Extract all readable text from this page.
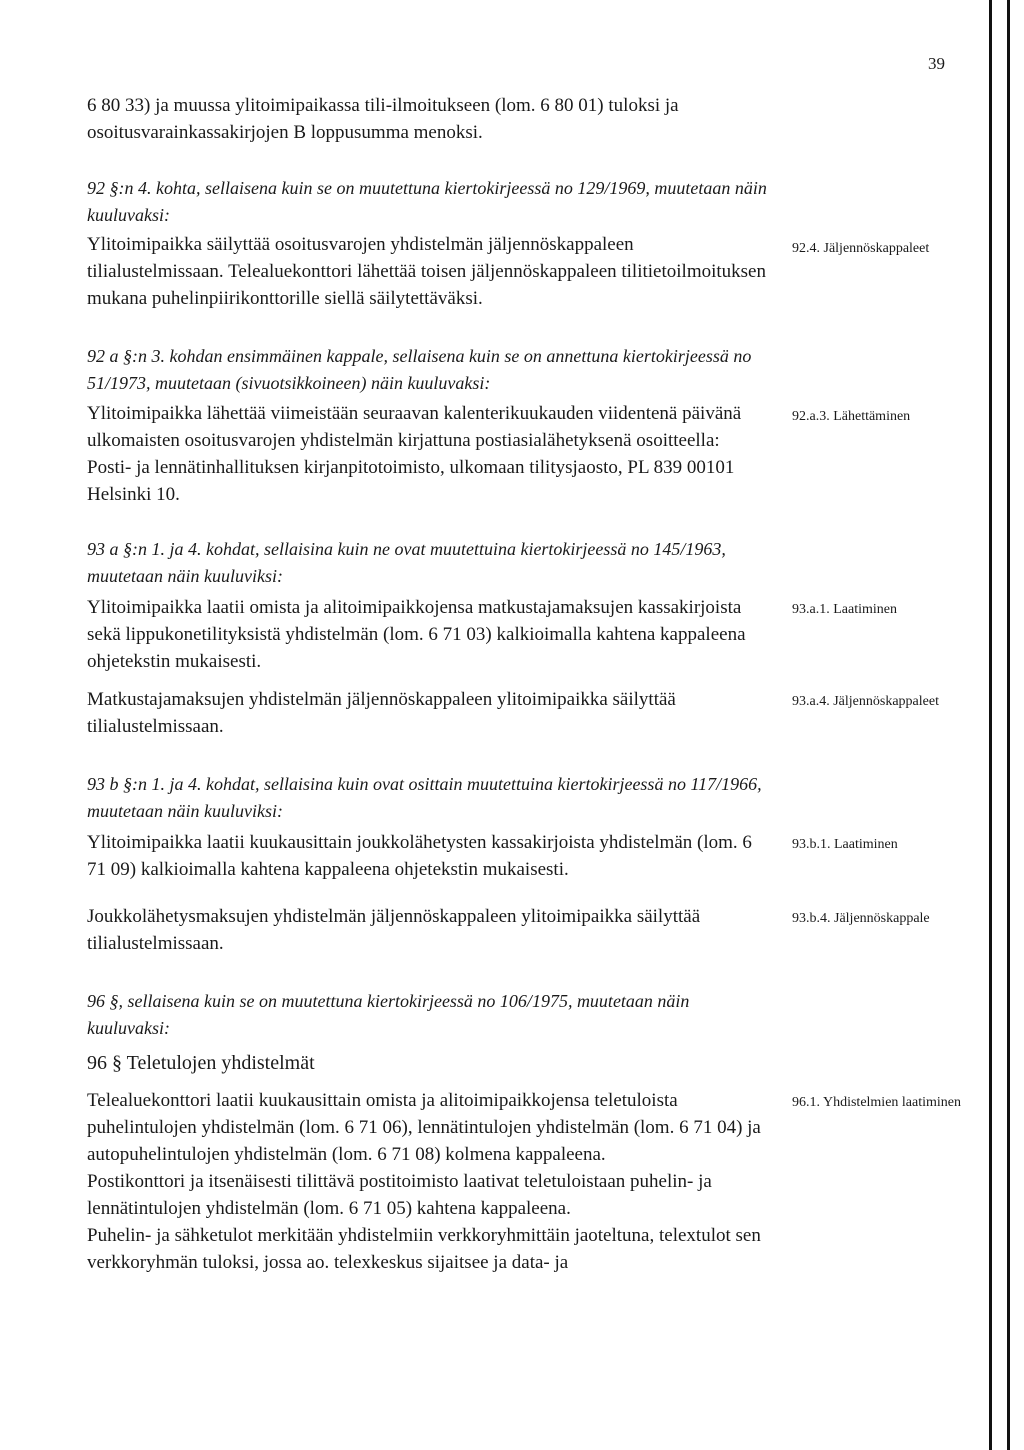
39

6 80 33) ja muussa ylitoimipaikassa tili-ilmoitukseen (lom. 6 80 01) tuloksi ja osoitusvarainkassakirjojen B loppusumma menoksi.

92 §:n 4. kohta, sellaisena kuin se on muutettuna kiertokirjeessä no 129/1969, muutetaan näin kuuluvaksi:
Ylitoimipaikka säilyttää osoitusvarojen yhdistelmän jäljennöskappaleen tilialustelmissaan. Telealuekonttori lähettää toisen jäljennöskappaleen tilitietoilmoituksen mukana puhelinpiirikonttorille siellä säilytettäväksi.
92.4. Jäljennöskappaleet
92 a §:n 3. kohdan ensimmäinen kappale, sellaisena kuin se on annettuna kiertokirjeessä no 51/1973, muutetaan (sivuotsikkoineen) näin kuuluvaksi:
Ylitoimipaikka lähettää viimeistään seuraavan kalenterikuukauden viidentenä päivänä ulkomaisten osoitusvarojen yhdistelmän kirjattuna postiasialähetyksenä osoitteella: Posti- ja lennätinhallituksen kirjanpitotoimisto, ulkomaan tilitysjaosto, PL 839 00101 Helsinki 10.
92.a.3. Lähettäminen
93 a §:n 1. ja 4. kohdat, sellaisina kuin ne ovat muutettuina kiertokirjeessä no 145/1963, muutetaan näin kuuluviksi:
Ylitoimipaikka laatii omista ja alitoimipaikkojensa matkustajamaksujen kassakirjoista sekä lippukonetilityksistä yhdistelmän (lom. 6 71 03) kalkioimalla kahtena kappaleena ohjetekstin mukaisesti.
93.a.1. Laatiminen
Matkustajamaksujen yhdistelmän jäljennöskappaleen ylitoimipaikka säilyttää tilialustelmissaan.
93.a.4. Jäljennöskappaleet
93 b §:n 1. ja 4. kohdat, sellaisina kuin ovat osittain muutettuina kiertokirjeessä no 117/1966, muutetaan näin kuuluviksi:
Ylitoimipaikka laatii kuukausittain joukkolähetysten kassakirjoista yhdistelmän (lom. 6 71 09) kalkioimalla kahtena kappaleena ohjetekstin mukaisesti.
93.b.1. Laatiminen
Joukkolähetysmaksujen yhdistelmän jäljennöskappaleen ylitoimipaikka säilyttää tilialustelmissaan.
93.b.4. Jäljennöskappale
96 §, sellaisena kuin se on muutettuna kiertokirjeessä no 106/1975, muutetaan näin kuuluvaksi:
96 § Teletulojen yhdistelmät

Telealuekonttori laatii kuukausittain omista ja alitoimipaikkojensa teletuloista puhelintulojen yhdistelmän (lom. 6 71 06), lennätintulojen yhdistelmän (lom. 6 71 04) ja autopuhelintulojen yhdistelmän (lom. 6 71 08) kolmena kappaleena.

Postikonttori ja itsenäisesti tilittävä postitoimisto laativat teletuloistaan puhelin- ja lennätintulojen yhdistelmän (lom. 6 71 05) kahtena kappaleena.

Puhelin- ja sähketulot merkitään yhdistelmiin verkkoryhmittäin jaoteltuna, telextulot sen verkkoryhmän tuloksi, jossa ao. telexkeskus sijaitsee ja data- ja

96.1. Yhdistelmien laatiminen
